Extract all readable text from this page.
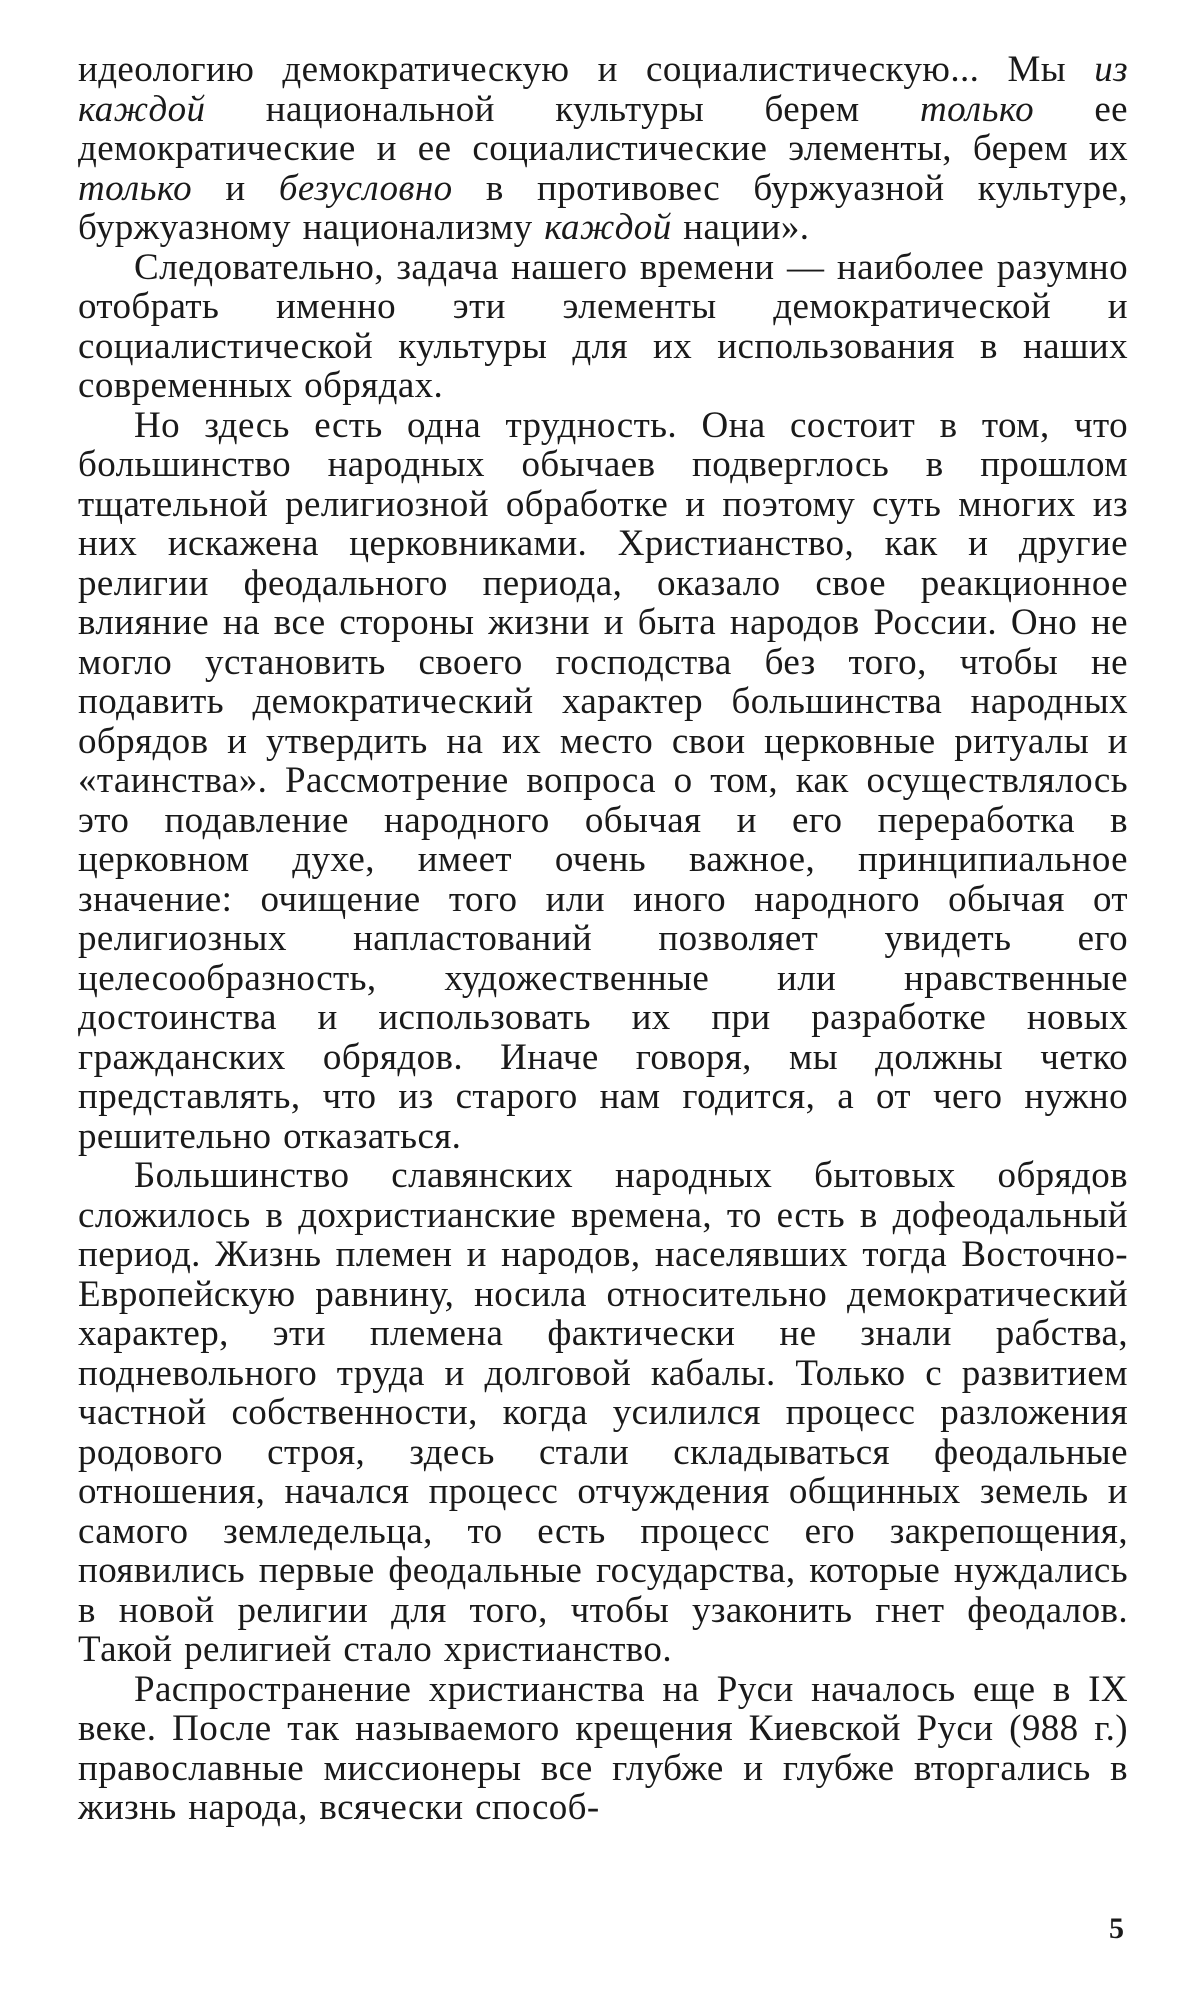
идеологию демократическую и социалистическую... Мы из каждой национальной культуры берем только ее демократические и ее социалистические элементы, берем их только и безусловно в противовес буржуазной культуре, буржуазному национализму каждой нации».

Следовательно, задача нашего времени — наиболее разумно отобрать именно эти элементы демократической и социалистической культуры для их использования в наших современных обрядах.

Но здесь есть одна трудность. Она состоит в том, что большинство народных обычаев подверглось в прошлом тщательной религиозной обработке и поэтому суть многих из них искажена церковниками. Христианство, как и другие религии феодального периода, оказало свое реакционное влияние на все стороны жизни и быта народов России. Оно не могло установить своего господства без того, чтобы не подавить демократический характер большинства народных обрядов и утвердить на их место свои церковные ритуалы и «таинства». Рассмотрение вопроса о том, как осуществлялось это подавление народного обычая и его переработка в церковном духе, имеет очень важное, принципиальное значение: очищение того или иного народного обычая от религиозных напластований позволяет увидеть его целесообразность, художественные или нравственные достоинства и использовать их при разработке новых гражданских обрядов. Иначе говоря, мы должны четко представлять, что из старого нам годится, а от чего нужно решительно отказаться.

Большинство славянских народных бытовых обрядов сложилось в дохристианские времена, то есть в дофеодальный период. Жизнь племен и народов, населявших тогда Восточно-Европейскую равнину, носила относительно демократический характер, эти племена фактически не знали рабства, подневольного труда и долговой кабалы. Только с развитием частной собственности, когда усилился процесс разложения родового строя, здесь стали складываться феодальные отношения, начался процесс отчуждения общинных земель и самого земледельца, то есть процесс его закрепощения, появились первые феодальные государства, которые нуждались в новой религии для того, чтобы узаконить гнет феодалов. Такой религией стало христианство.

Распространение христианства на Руси началось еще в IX веке. После так называемого крещения Киевской Руси (988 г.) православные миссионеры все глубже и глубже вторгались в жизнь народа, всячески способ-

5
